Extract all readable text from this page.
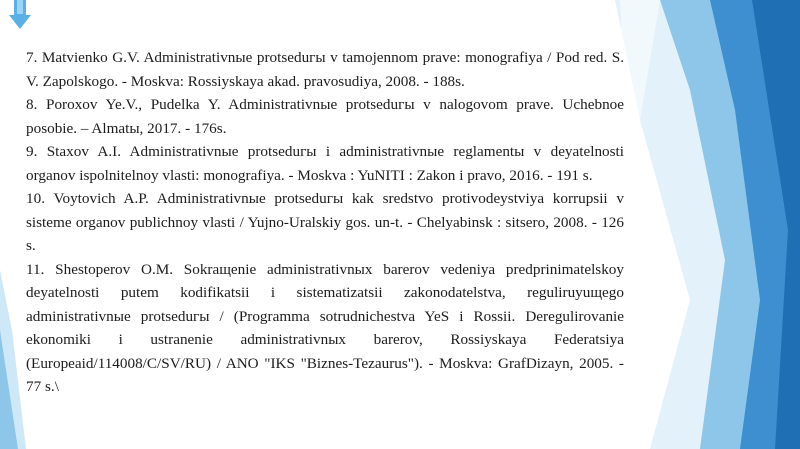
7. Matvienko G.V. Administrativnыe protseduгы v tamojennom prave: monografiya / Pod red. S. V. Zapolskogo. - Moskva: Rossiyskaya akad. pravosudiya, 2008. - 188s.

8. Poroxov Ye.V., Pudelka Y. Administrativnыe protseduгы v nalogovom prave. Uchebnoe posobie. – Almatы, 2017. - 176s.

9. Staxov A.I. Administrativnыe protseduгы i administrativnыe reglamentы v deyatelnosti organov ispolnitelnoy vlasti: monografiya. - Moskva : YuNITI : Zakon i pravo, 2016. - 191 s.

10. Voytovich A.P. Administrativnыe protseduгы kak sredstvo protivodeystviya korrupsii v sisteme organov publichnoy vlasti / Yujno-Uralskiy gos. un-t. - Chelyabinsk : sitsero, 2008. - 126 s.

11. Shestoperov O.M. Sokraщenie administrativnыx barerov vedeniya predprinimatelskoy deyatelnosti putem kodifikatsii i sistematizatsii zakonodatelstva, reguliruyuщego administrativnыe protseduгы / (Programma sotrudnichestva YeS i Rossii. Deregulirovanie ekonomiki i ustranenie administrativnыx barerov, Rossiyskaya Federatsiya (Europeaid/114008/C/SV/RU) / ANO "IKS "Biznes-Tezaurus"). - Moskva: GrafDizayn, 2005. - 77 s.\
